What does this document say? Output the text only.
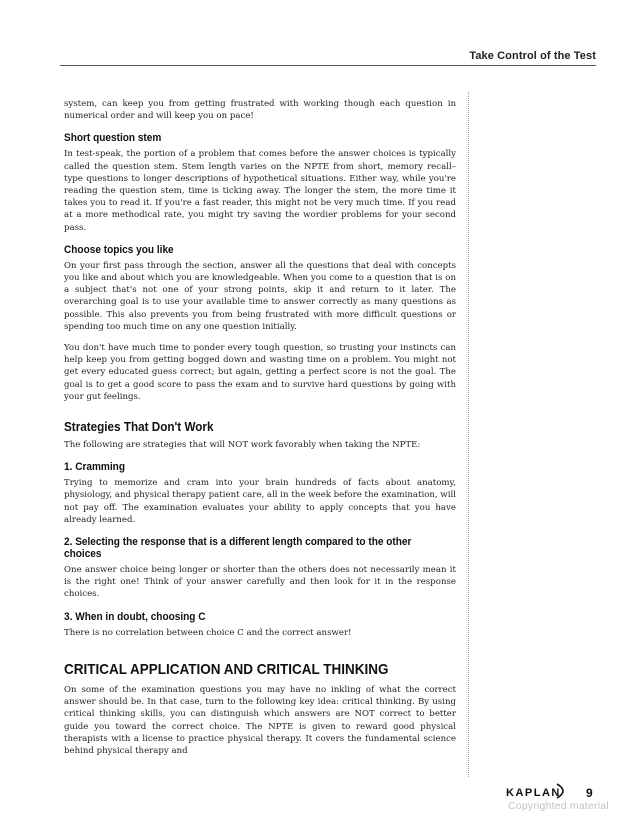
Take Control of the Test

system, can keep you from getting frustrated with working though each question in numerical order and will keep you on pace!

Short question stem

In test-speak, the portion of a problem that comes before the answer choices is typically called the question stem. Stem length varies on the NPTE from short, memory recall–type questions to longer descriptions of hypothetical situations. Either way, while you're reading the question stem, time is ticking away. The longer the stem, the more time it takes you to read it. If you're a fast reader, this might not be very much time. If you read at a more methodical rate, you might try saving the wordier problems for your second pass.

Choose topics you like

On your first pass through the section, answer all the questions that deal with concepts you like and about which you are knowledgeable. When you come to a question that is on a subject that's not one of your strong points, skip it and return to it later. The overarching goal is to use your available time to answer correctly as many questions as possible. This also prevents you from being frustrated with more difficult questions or spending too much time on any one question initially.

You don't have much time to ponder every tough question, so trusting your instincts can help keep you from getting bogged down and wasting time on a problem. You might not get every educated guess correct; but again, getting a perfect score is not the goal. The goal is to get a good score to pass the exam and to survive hard questions by going with your gut feelings.

Strategies That Don't Work

The following are strategies that will NOT work favorably when taking the NPTE:

1. Cramming

Trying to memorize and cram into your brain hundreds of facts about anatomy, physiology, and physical therapy patient care, all in the week before the examination, will not pay off. The examination evaluates your ability to apply concepts that you have already learned.

2. Selecting the response that is a different length compared to the other choices

One answer choice being longer or shorter than the others does not necessarily mean it is the right one! Think of your answer carefully and then look for it in the response choices.

3. When in doubt, choosing C

There is no correlation between choice C and the correct answer!

CRITICAL APPLICATION AND CRITICAL THINKING

On some of the examination questions you may have no inkling of what the correct answer should be. In that case, turn to the following key idea: critical thinking. By using critical thinking skills, you can distinguish which answers are NOT correct to better guide you toward the correct choice. The NPTE is given to reward good physical therapists with a license to practice physical therapy. It covers the fundamental science behind physical therapy and

KAPLAN 9
Copyrighted material
